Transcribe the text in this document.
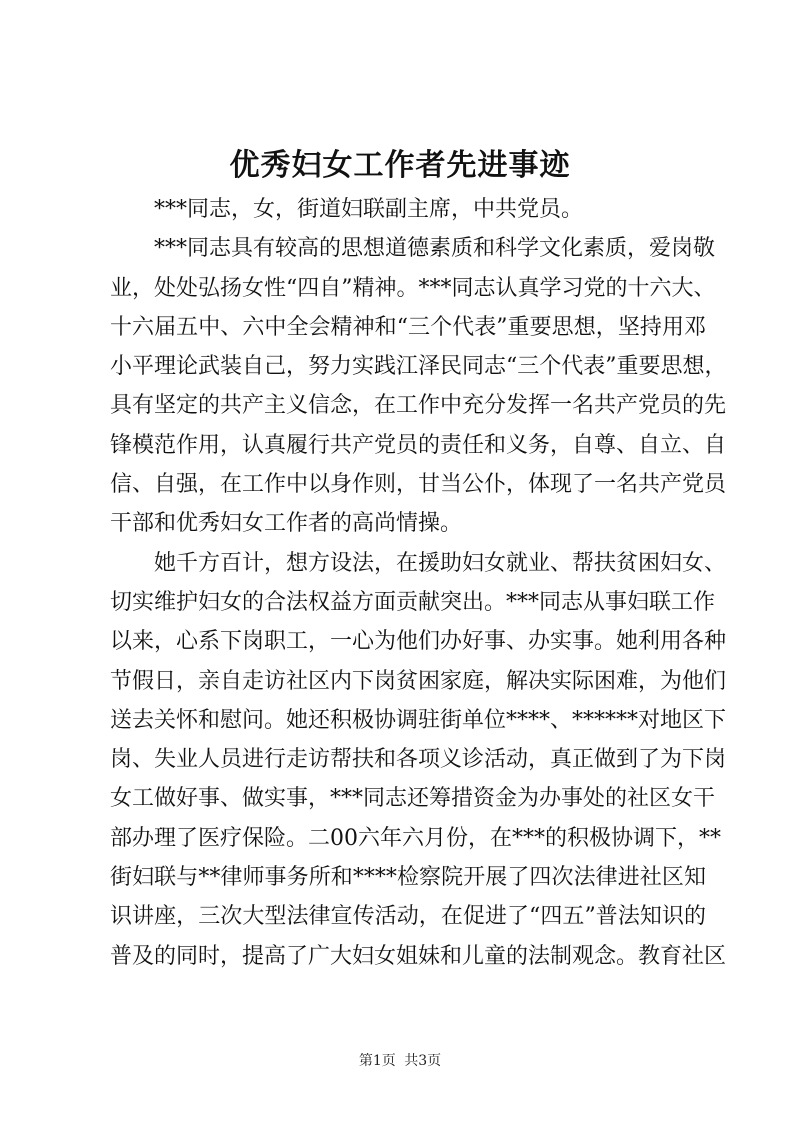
优秀妇女工作者先进事迹
***同志，女，街道妇联副主席，中共党员。
***同志具有较高的思想道德素质和科学文化素质，爱岗敬
业，处处弘扬女性“四自”精神。***同志认真学习党的十六大、
十六届五中、六中全会精神和“三个代表”重要思想，坚持用邓
小平理论武装自己，努力实践江泽民同志“三个代表”重要思想，
具有坚定的共产主义信念，在工作中充分发挥一名共产党员的先
锋模范作用，认真履行共产党员的责任和义务，自尊、自立、自
信、自强，在工作中以身作则，甘当公仆，体现了一名共产党员
干部和优秀妇女工作者的高尚情操。
她千方百计，想方设法，在援助妇女就业、帮扶贫困妇女、
切实维护妇女的合法权益方面贡献突出。***同志从事妇联工作
以来，心系下岗职工，一心为他们办好事、办实事。她利用各种
节假日，亲自走访社区内下岗贫困家庭，解决实际困难，为他们
送去关怀和慰问。她还积极协调驻街单位****、******对地区下
岗、失业人员进行走访帮扶和各项义诊活动，真正做到了为下岗
女工做好事、做实事，***同志还筹措资金为办事处的社区女干
部办理了医疗保险。二00六年六月份，在***的积极协调下，**
街妇联与**律师事务所和****检察院开展了四次法律进社区知
识讲座，三次大型法律宣传活动，在促进了“四五”普法知识的
普及的同时，提高了广大妇女姐妹和儿童的法制观念。教育社区
第1页 共3页
